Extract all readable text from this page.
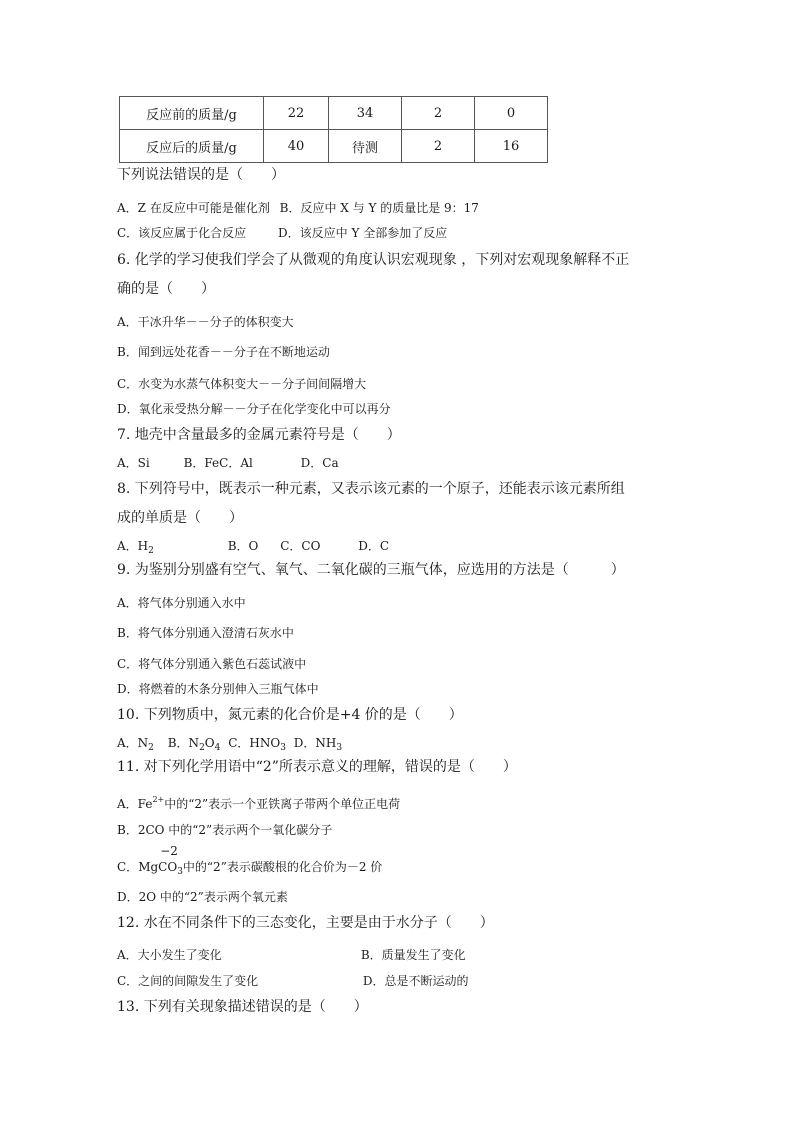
反应前的质量/g	22	34	2	0
反应后的质量/g	40	待测	2	16
下列说法错误的是（　　）
A．Z 在反应中可能是催化剂 B．反应中 X 与 Y 的质量比是 9：17
C．该反应属于化合反应	D．该反应中 Y 全部参加了反应
6. 化学的学习使我们学会了从微观的角度认识宏观现象 ，下列对宏观现象解释不正
确的是（　　）
A．干冰升华－－分子的体积变大
B．闻到远处花香－－分子在不断地运动
C．水变为水蒸气体积变大－－分子间间隔增大
D．氧化汞受热分解－－分子在化学变化中可以再分
7. 地壳中含量最多的金属元素符号是（　　）
A．Si	B．FeC．Al	D．Ca
8. 下列符号中，既表示一种元素，又表示该元素的一个原子，还能表示该元素所组
成的单质是（　　）
A．$H_2$	B．O C．CO	D．C
9. 为鉴别分别盛有空气、氧气、二氧化碳的三瓶气体，应选用的方法是（　　　）
A．将气体分别通入水中
B．将气体分别通入澄清石灰水中
C．将气体分别通入紫色石蕊试液中
D．将燃着的木条分别伸入三瓶气体中
10. 下列物质中，氮元素的化合价是+4 价的是（　　）
A．$N_2$ B．$N_2O_4$ C．$HNO_3$ D．$NH_3$
11. 对下列化学用语中“2”所表示意义的理解，错误的是（　　）
A．$Fe^{2+}$中的“2”表示一个亚铁离子带两个单位正电荷
B．2CO 中的“2”表示两个一氧化碳分子
C．
−2
MgCO$_3$中的“2”表示碳酸根的化合价为－2 价
D．2O 中的“2”表示两个氧元素
12. 水在不同条件下的三态变化，主要是由于水分子（　　）
A．大小发生了变化	B．质量发生了变化
C．之间的间隙发生了变化	D．总是不断运动的
13. 下列有关现象描述错误的是（　　）
